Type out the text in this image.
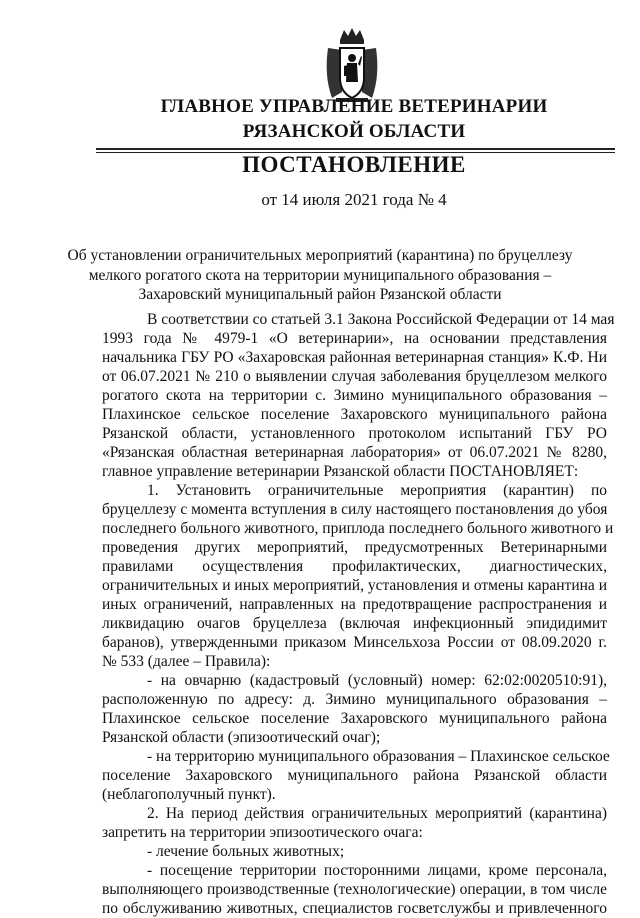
ГЛАВНОЕ УПРАВЛЕНИЕ ВЕТЕРИНАРИИ
РЯЗАНСКОЙ ОБЛАСТИ
ПОСТАНОВЛЕНИЕ
от 14 июля 2021 года № 4
Об установлении ограничительных мероприятий (карантина) по бруцеллезу
мелкого рогатого скота на территории муниципального образования –
Захаровский муниципальный район Рязанской области
В соответствии со статьей 3.1 Закона Российской Федерации от 14 мая
1993 года № 4979-1 «О ветеринарии», на основании представления
начальника ГБУ РО «Захаровская районная ветеринарная станция» К.Ф. Ни
от 06.07.2021 № 210 о выявлении случая заболевания бруцеллезом мелкого
рогатого скота на территории с. Зимино муниципального образования –
Плахинское сельское поселение Захаровского муниципального района
Рязанской области, установленного протоколом испытаний ГБУ РО
«Рязанская областная ветеринарная лаборатория» от 06.07.2021 № 8280,
главное управление ветеринарии Рязанской области ПОСТАНОВЛЯЕТ:
1. Установить ограничительные мероприятия (карантин) по
бруцеллезу с момента вступления в силу настоящего постановления до убоя
последнего больного животного, приплода последнего больного животного и
проведения других мероприятий, предусмотренных Ветеринарными
правилами осуществления профилактических, диагностических,
ограничительных и иных мероприятий, установления и отмены карантина и
иных ограничений, направленных на предотвращение распространения и
ликвидацию очагов бруцеллеза (включая инфекционный эпидидимит
баранов), утвержденными приказом Минсельхоза России от 08.09.2020 г.
№ 533 (далее – Правила):
- на овчарню (кадастровый (условный) номер: 62:02:0020510:91),
расположенную по адресу: д. Зимино муниципального образования –
Плахинское сельское поселение Захаровского муниципального района
Рязанской области (эпизоотический очаг);
- на территорию муниципального образования – Плахинское сельское
поселение Захаровского муниципального района Рязанской области
(неблагополучный пункт).
2. На период действия ограничительных мероприятий (карантина)
запретить на территории эпизоотического очага:
- лечение больных животных;
- посещение территории посторонними лицами, кроме персонала,
выполняющего производственные (технологические) операции, в том числе
по обслуживанию животных, специалистов госветслужбы и привлеченного
